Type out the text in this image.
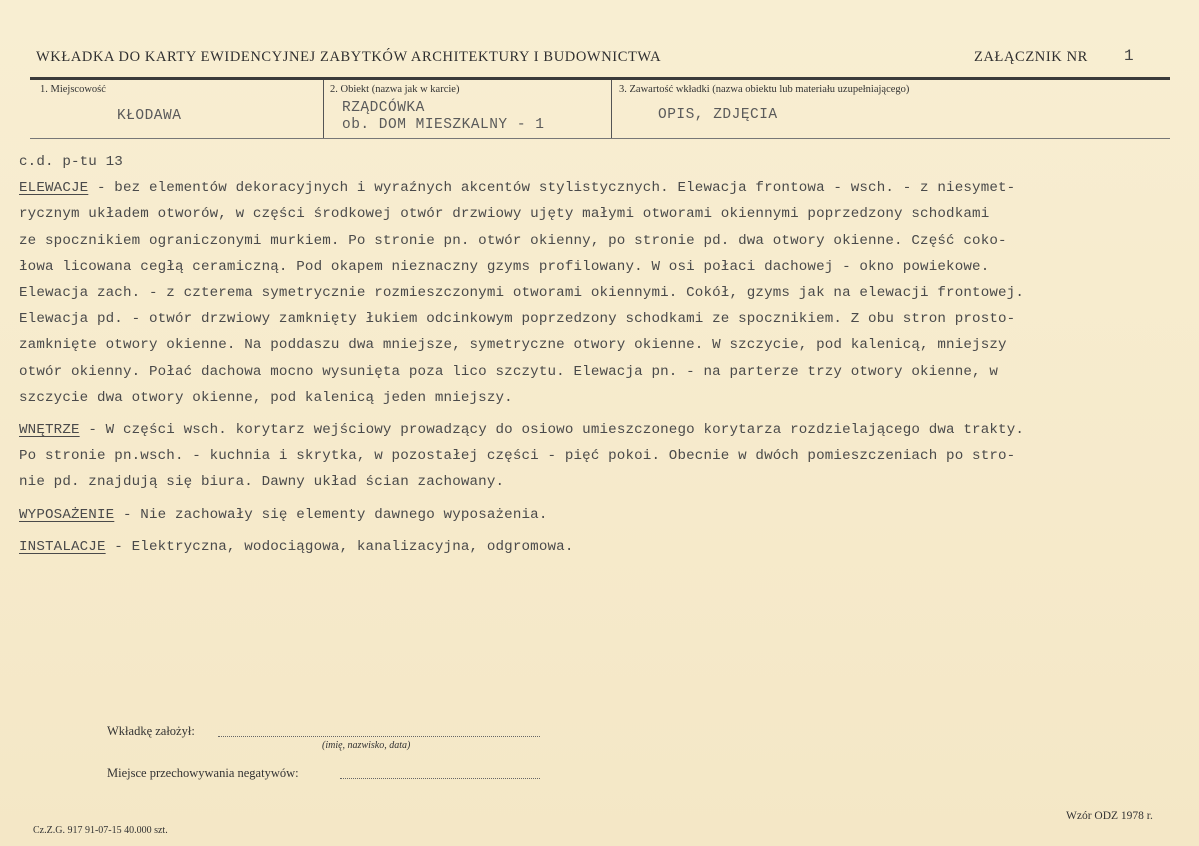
WKŁADKA DO KARTY EWIDENCYJNEJ ZABYTKÓW ARCHITEKTURY I BUDOWNICTWA	ZAŁĄCZNIK NR 1
1. Miejscowość
KŁODAWA
2. Obiekt (nazwa jak w karcie)
RZĄDCÓWKA
ob. DOM MIESZKALNY - 1
3. Zawartość wkładki (nazwa obiektu lub materiału uzupełniającego)
OPIS, ZDJĘCIA

c.d. p-tu 13

ELEWACJE - bez elementów dekoracyjnych i wyraźnych akcentów stylistycznych. Elewacja frontowa - wsch. - z niesymet-

rycznym układem otworów, w części środkowej otwór drzwiowy ujęty małymi otworami okiennymi poprzedzony schodkami

ze spocznikiem ograniczonymi murkiem. Po stronie pn. otwór okienny, po stronie pd. dwa otwory okienne. Część coko-

łowa licowana cegłą ceramiczną. Pod okapem nieznaczny gzyms profilowany. W osi połaci dachowej - okno powiekowe.

Elewacja zach. - z czterema symetrycznie rozmieszczonymi otworami okiennymi. Cokół, gzyms jak na elewacji frontowej.

Elewacja pd. - otwór drzwiowy zamknięty łukiem odcinkowym poprzedzony schodkami ze spocznikiem. Z obu stron prosto-

zamknięte otwory okienne. Na poddaszu dwa mniejsze, symetryczne otwory okienne. W szczycie, pod kalenicą, mniejszy

otwór okienny. Połać dachowa mocno wysunięta poza lico szczytu. Elewacja pn. - na parterze trzy otwory okienne, w

szczycie dwa otwory okienne, pod kalenicą jeden mniejszy.

WNĘTRZE - W części wsch. korytarz wejściowy prowadzący do osiowo umieszczonego korytarza rozdzielającego dwa trakty.

Po stronie pn.wsch. - kuchnia i skrytka, w pozostałej części - pięć pokoi. Obecnie w dwóch pomieszczeniach po stro-

nie pd. znajdują się biura. Dawny układ ścian zachowany.

WYPOSAŻENIE - Nie zachowały się elementy dawnego wyposażenia.

INSTALACJE - Elektryczna, wodociągowa, kanalizacyjna, odgromowa.

Wkładkę założył:
(imię, nazwisko, data)
Miejsce przechowywania negatywów:
Cz.Z.G. 917 91-07-15 40.000 szt.
Wzór ODZ 1978 r.
